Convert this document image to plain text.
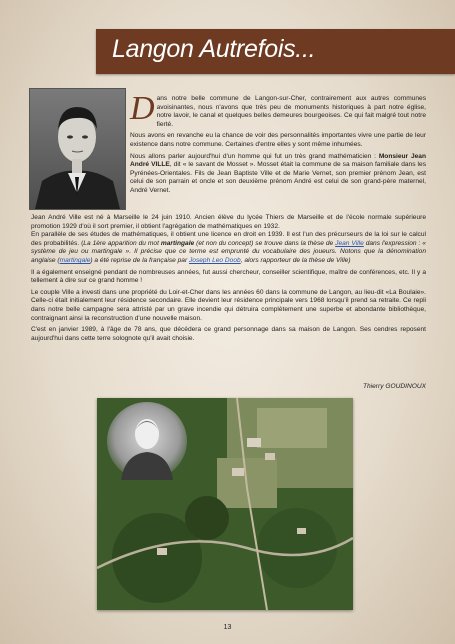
Langon Autrefois...

D ans notre belle commune de Langon-sur-Cher, contrairement aux autres communes avoisinantes, nous n'avons que très peu de monuments historiques à part notre église, notre lavoir, le canal et quelques belles demeures bourgeoises. Ce qui fait malgré tout notre fierté.

Nous avons en revanche eu la chance de voir des personnalités importantes vivre une partie de leur existence dans notre commune. Certaines d'entre elles y sont même inhumées.

Nous allons parler aujourd'hui d'un homme qui fut un très grand mathématicien : Monsieur Jean André VILLE, dit « le savant de Mosset ». Mosset était la commune de sa maison familiale dans les Pyrénées-Orientales. Fils de Jean Baptiste Ville et de Marie Vernet, son premier prénom Jean, est celui de son parrain et oncle et son deuxième prénom André est celui de son grand-père maternel, André Vernet.

Jean André Ville est né à Marseille le 24 juin 1910. Ancien élève du lycée Thiers de Marseille et de l'école normale supérieure promotion 1929 d'où il sort premier, il obtient l'agrégation de mathématiques en 1932.
En parallèle de ses études de mathématiques, il obtient une licence en droit en 1939. Il est l'un des précurseurs de la loi sur le calcul des probabilités. (La 1ère apparition du mot martingale (et non du concept) se trouve dans la thèse de Jean Ville dans l'expression : « système de jeu ou martingale ». Il précise que ce terme est emprunté du vocabulaire des joueurs. Notons que la dénomination anglaise (martingale) a été reprise de la française par Joseph Leo Doob, alors rapporteur de la thèse de Ville)

Il a également enseigné pendant de nombreuses années, fut aussi chercheur, conseiller scientifique, maître de conférences, etc. Il y a tellement à dire sur ce grand homme !

Le couple Ville a investi dans une propriété du Loir-et-Cher dans les années 60 dans la commune de Langon, au lieu-dit «La Boulaie». Celle-ci était initialement leur résidence secondaire. Elle devient leur résidence principale vers 1968 lorsqu'il prend sa retraite. Ce repli dans notre belle campagne sera attristé par un grave incendie qui détruira complètement une superbe et abondante bibliothèque, contraignant ainsi la reconstruction d'une nouvelle maison.

C'est en janvier 1989, à l'âge de 78 ans, que décédera ce grand personnage dans sa maison de Langon. Ses cendres reposent aujourd'hui dans cette terre solognote qu'il avait choisie.

Thierry GOUDINOUX
13
